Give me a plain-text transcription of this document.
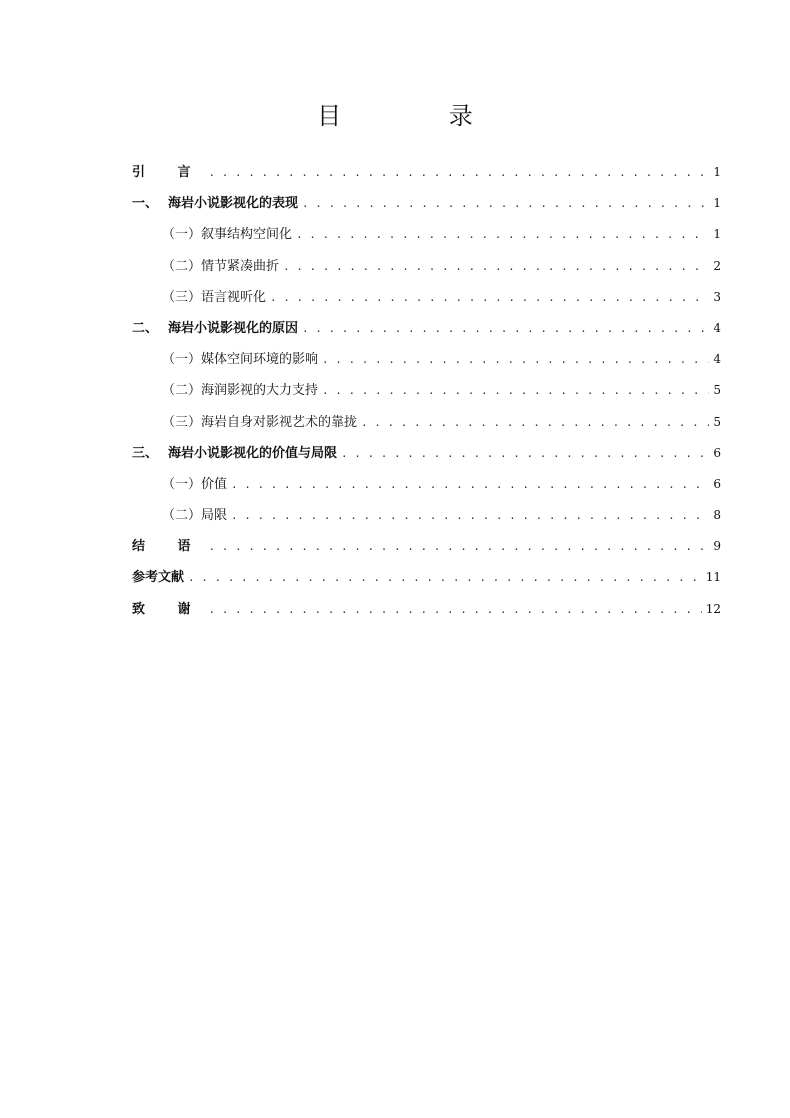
目 录
引 言 . . .	1
一、 海岩小说影视化的表现 . . .	1
（一）叙事结构空间化 . . .	1
（二）情节紧凑曲折 . . .	2
（三）语言视听化 . . .	3
二、 海岩小说影视化的原因 . . .	4
（一）媒体空间环境的影响 . . .	4
（二）海润影视的大力支持 . . .	5
（三）海岩自身对影视艺术的靠拢 . . .	5
三、 海岩小说影视化的价值与局限 . . .	6
（一）价值 . . .	6
（二）局限 . . .	8
结 语 . . .	9
参考文献 . . .	11
致 谢 . . .	12
